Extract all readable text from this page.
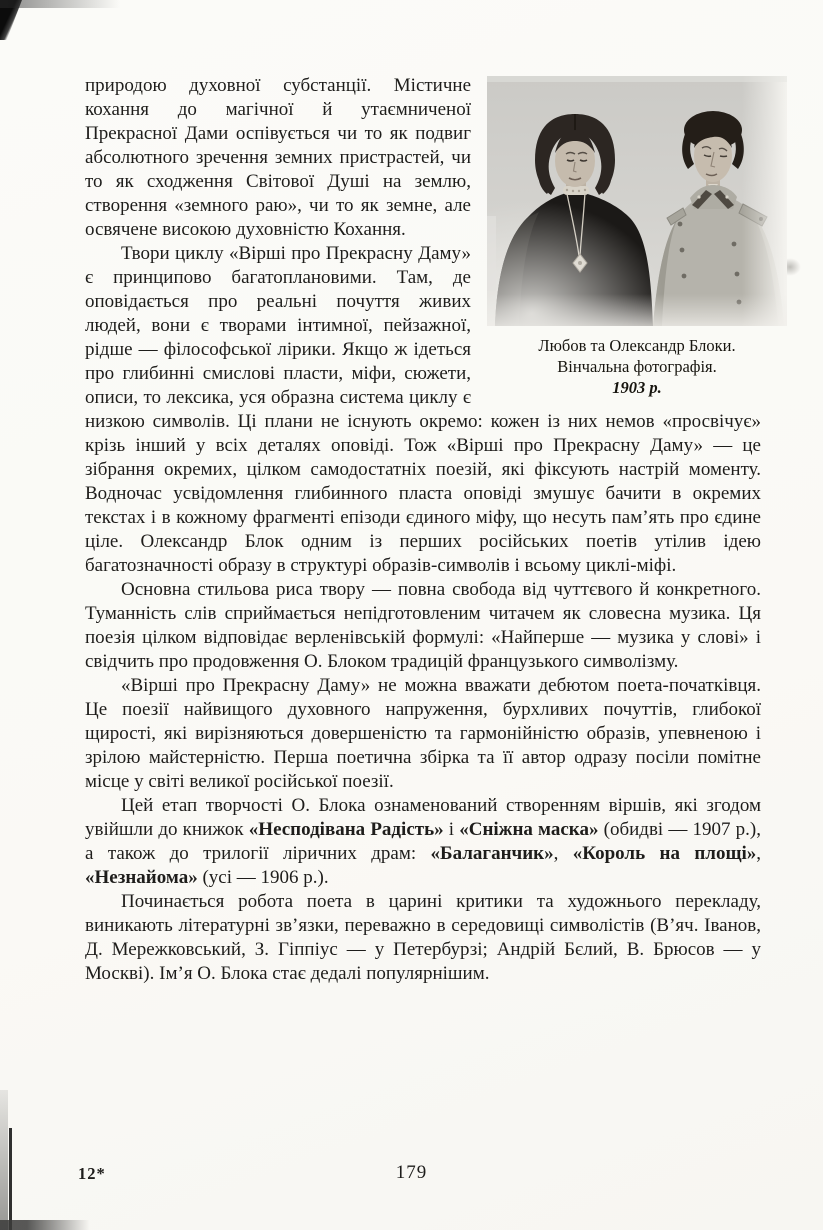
Любов та Олександр Блоки.
Вінчальна фотографія.
1903 р.

природою духовної субстанції. Містичне кохання до магічної й утаємниченої Прекрасної Дами оспівується чи то як подвиг абсолютного зречення земних пристрастей, чи то як сходження Світової Душі на землю, створення «земного раю», чи то як земне, але освячене високою духовністю Кохання.

Твори циклу «Вірші про Прекрасну Даму» є принципово багатоплановими. Там, де оповідається про реальні почуття живих людей, вони є творами інтимної, пейзажної, рідше — філософської лірики. Якщо ж ідеться про глибинні смислові пласти, міфи, сюжети, описи, то лексика, уся образна система циклу є низкою символів. Ці плани не існують окремо: кожен із них немов «просвічує» крізь інший у всіх деталях оповіді. Тож «Вірші про Прекрасну Даму» — це зібрання окремих, цілком самодостатніх поезій, які фіксують настрій моменту. Водночас усвідомлення глибинного пласта оповіді змушує бачити в окремих текстах і в кожному фрагменті епізоди єдиного міфу, що несуть пам’ять про єдине ціле. Олександр Блок одним із перших російських поетів утілив ідею багатозначності образу в структурі образів-символів і всьому циклі-міфі.

Основна стильова риса твору — повна свобода від чуттєвого й конкретного. Туманність слів сприймається непідготовленим читачем як словесна музика. Ця поезія цілком відповідає верленівській формулі: «Найперше — музика у слові» і свідчить про продовження О. Блоком традицій французького символізму.

«Вірші про Прекрасну Даму» не можна вважати дебютом поета-початківця. Це поезії найвищого духовного напруження, бурхливих почуттів, глибокої щирості, які вирізняються довершеністю та гармонійністю образів, упевненою і зрілою майстерністю. Перша поетична збірка та її автор одразу посіли помітне місце у світі великої російської поезії.

Цей етап творчості О. Блока ознаменований створенням віршів, які згодом увійшли до книжок «Несподівана Радість» і «Сніжна маска» (обидві — 1907 р.), а також до трилогії ліричних драм: «Балаганчик», «Король на площі», «Незнайома» (усі — 1906 р.).

Починається робота поета в царині критики та художнього перекладу, виникають літературні зв’язки, переважно в середовищі символістів (В’яч. Іванов, Д. Мережковський, З. Гіппіус — у Петербурзі; Андрій Бєлий, В. Брюсов — у Москві). Ім’я О. Блока стає дедалі популярнішим.

12*	179
